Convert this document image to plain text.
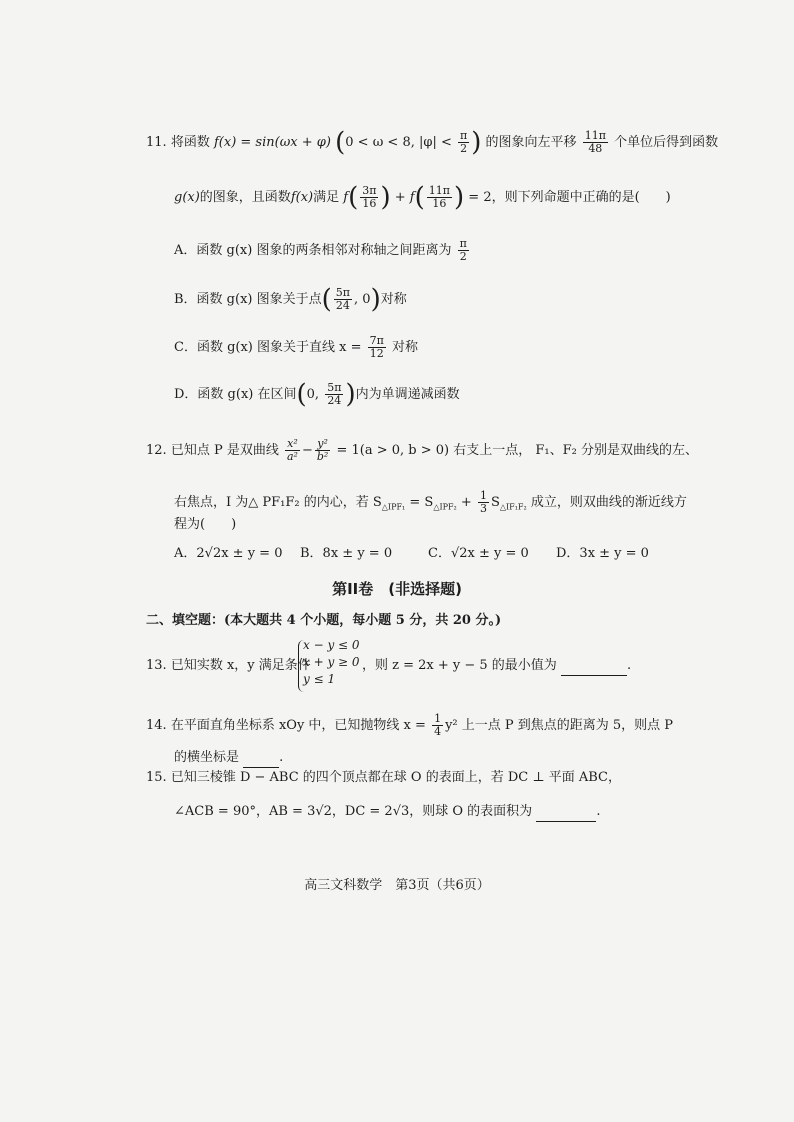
11. 将函数 f(x) = sin(ωx + φ) (0 < ω < 8, $|\varphi| < \frac{\pi}{2}$ ) 的图象向左平移 $\frac{11\pi}{48}$ 个单位后得到函数
g(x)的图象，且函数f(x)满足 $f( \frac{3\pi}{16}$ ) + $f( \frac{11\pi}{16}$ ) = 2，则下列命题中正确的是(　　)
A．函数 g(x) 图象的两条相邻对称轴之间距离为 $\frac{\pi}{2}$
B．函数 g(x) 图象关于点( $\frac{5\pi}{24}$ , 0)对称
C．函数 g(x) 图象关于直线 $x = \frac{7\pi}{12}$ 对称
D．函数 g(x) 在区间(0, $\frac{5\pi}{24}$ )内为单调递减函数
12. 已知点 P 是双曲线 $\frac{\text{x²}}{\text{a²}} - \frac{\text{y²}}{\text{b²}} = 1(a > 0$, b > 0) 右支上一点， F₁、F₂ 分别是双曲线的左、
右焦点，I 为△ PF₁F₂ 的内心，若 $S_{\triangle IPF_1} = S_{\triangle IPF_2} + \frac{1}{3} S_{\triangle IF_1F_2}$ 成立，则双曲线的渐近线方
程为(　　)
A．2√2x ± y = 0 B．8x ± y = 0	C．√2x ± y = 0 D．3x ± y = 0
第II卷　(非选择题)
二、填空题：(本大题共 4 个小题，每小题 5 分，共 20 分。)
13. 已知实数 x，y 满足条件
x − y ≤ 0
x + y ≥ 0
y ≤ 1
，则 z = 2x + y − 5 的最小值为	.
14. 在平面直角坐标系 xOy 中，已知抛物线 $x = \frac{1}{4} y^2$ 上一点 P 到焦点的距离为 5，则点 P
的横坐标是	.
15. 已知三棱锥 D − ABC 的四个顶点都在球 O 的表面上，若 DC ⊥ 平面 ABC，
∠ACB = 90°，AB = 3√2，DC = 2√3，则球 O 的表面积为	.
高三文科数学　第3页（共6页）
